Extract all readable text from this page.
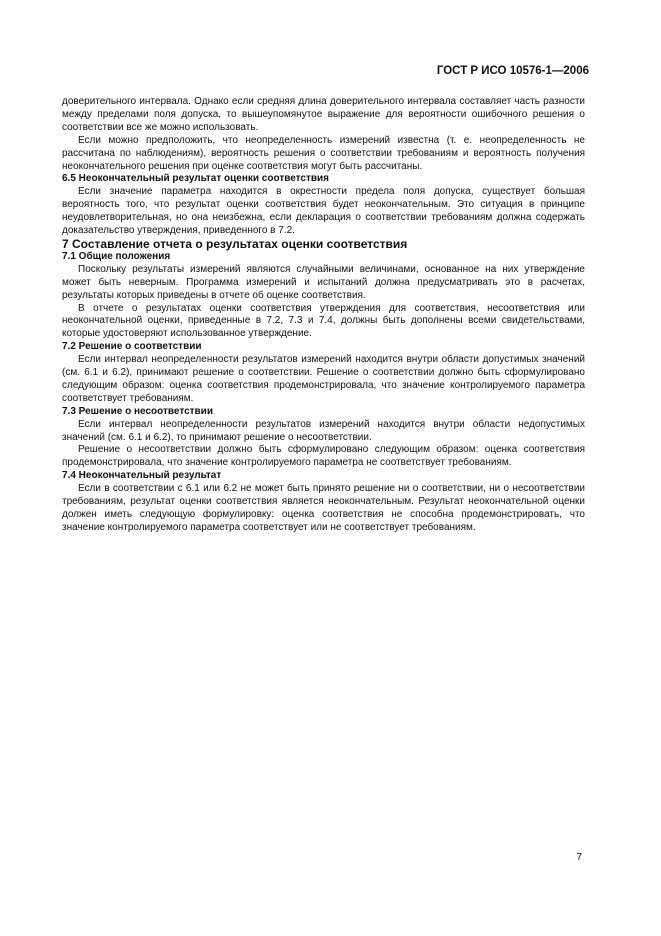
ГОСТ Р ИСО 10576-1—2006

доверительного интервала. Однако если средняя длина доверительного интервала составляет часть разности между пределами поля допуска, то вышеупомянутое выражение для вероятности ошибочного решения о соответствии все же можно использовать.

Если можно предположить, что неопределенность измерений известна (т. е. неопределенность не рассчитана по наблюдениям), вероятность решения о соответствии требованиям и вероятность получения неокончательного решения при оценке соответствия могут быть рассчитаны.

6.5 Неокончательный результат оценки соответствия

Если значение параметра находится в окрестности предела поля допуска, существует большая вероятность того, что результат оценки соответствия будет неокончательным. Это ситуация в принципе неудовлетворительная, но она неизбежна, если декларация о соответствии требованиям должна содержать доказательство утверждения, приведенного в 7.2.

7 Составление отчета о результатах оценки соответствия

7.1 Общие положения

Поскольку результаты измерений являются случайными величинами, основанное на них утверждение может быть неверным. Программа измерений и испытаний должна предусматривать это в расчетах, результаты которых приведены в отчете об оценке соответствия.

В отчете о результатах оценки соответствия утверждения для соответствия, несоответствия или неокончательной оценки, приведенные в 7.2, 7.3 и 7.4, должны быть дополнены всеми свидетельствами, которые удостоверяют использованное утверждение.

7.2 Решение о соответствии

Если интервал неопределенности результатов измерений находится внутри области допустимых значений (см. 6.1 и 6.2), принимают решение о соответствии. Решение о соответствии должно быть сформулировано следующим образом: оценка соответствия продемонстрировала, что значение контролируемого параметра соответствует требованиям.

7.3 Решение о несоответствии

Если интервал неопределенности результатов измерений находится внутри области недопустимых значений (см. 6.1 и 6.2), то принимают решение о несоответствии.

Решение о несоответствии должно быть сформулировано следующим образом: оценка соответствия продемонстрировала, что значение контролируемого параметра не соответствует требованиям.

7.4 Неокончательный результат

Если в соответствии с 6.1 или 6.2 не может быть принято решение ни о соответствии, ни о несоответствии требованиям, результат оценки соответствия является неокончательным. Результат неокончательной оценки должен иметь следующую формулировку: оценка соответствия не способна продемонстрировать, что значение контролируемого параметра соответствует или не соответствует требованиям.

7
